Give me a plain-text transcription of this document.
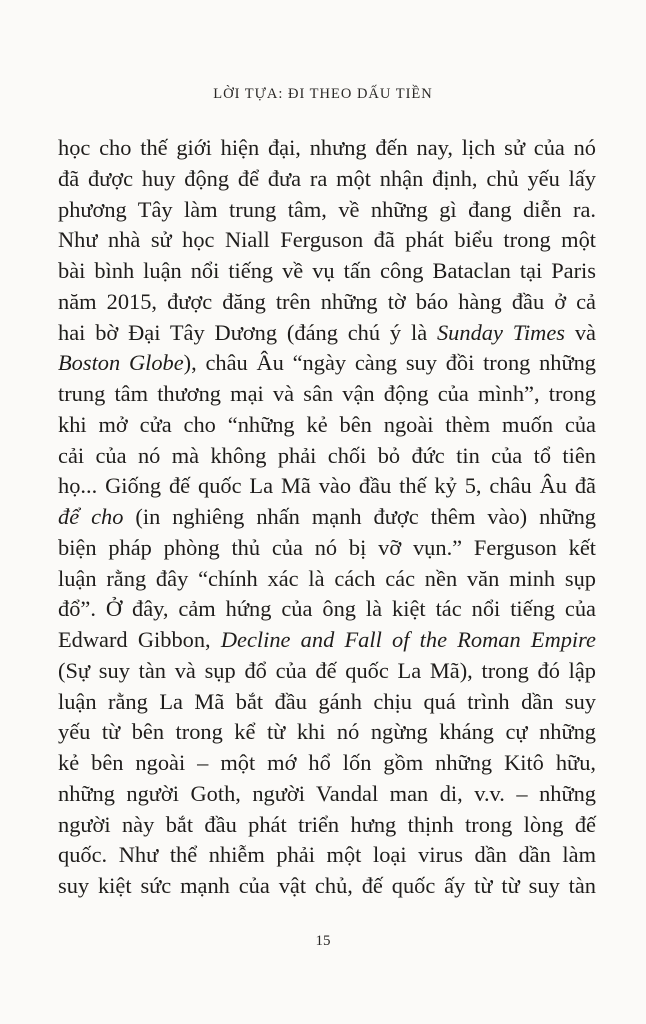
LỜI TỰA: ĐI THEO DẤU TIỀN
học cho thế giới hiện đại, nhưng đến nay, lịch sử của nó
đã được huy động để đưa ra một nhận định, chủ yếu lấy
phương Tây làm trung tâm, về những gì đang diễn ra.
Như nhà sử học Niall Ferguson đã phát biểu trong một
bài bình luận nổi tiếng về vụ tấn công Bataclan tại Paris
năm 2015, được đăng trên những tờ báo hàng đầu ở cả
hai bờ Đại Tây Dương (đáng chú ý là Sunday Times và
Boston Globe), châu Âu “ngày càng suy đồi trong những
trung tâm thương mại và sân vận động của mình”, trong
khi mở cửa cho “những kẻ bên ngoài thèm muốn của
cải của nó mà không phải chối bỏ đức tin của tổ tiên
họ... Giống đế quốc La Mã vào đầu thế kỷ 5, châu Âu đã
để cho (in nghiêng nhấn mạnh được thêm vào) những
biện pháp phòng thủ của nó bị vỡ vụn.” Ferguson kết
luận rằng đây “chính xác là cách các nền văn minh sụp
đổ”. Ở đây, cảm hứng của ông là kiệt tác nổi tiếng của
Edward Gibbon, Decline and Fall of the Roman Empire
(Sự suy tàn và sụp đổ của đế quốc La Mã), trong đó lập
luận rằng La Mã bắt đầu gánh chịu quá trình dần suy
yếu từ bên trong kể từ khi nó ngừng kháng cự những
kẻ bên ngoài – một mớ hổ lốn gồm những Kitô hữu,
những người Goth, người Vandal man di, v.v. – những
người này bắt đầu phát triển hưng thịnh trong lòng đế
quốc. Như thể nhiễm phải một loại virus dần dần làm
suy kiệt sức mạnh của vật chủ, đế quốc ấy từ từ suy tàn
15
